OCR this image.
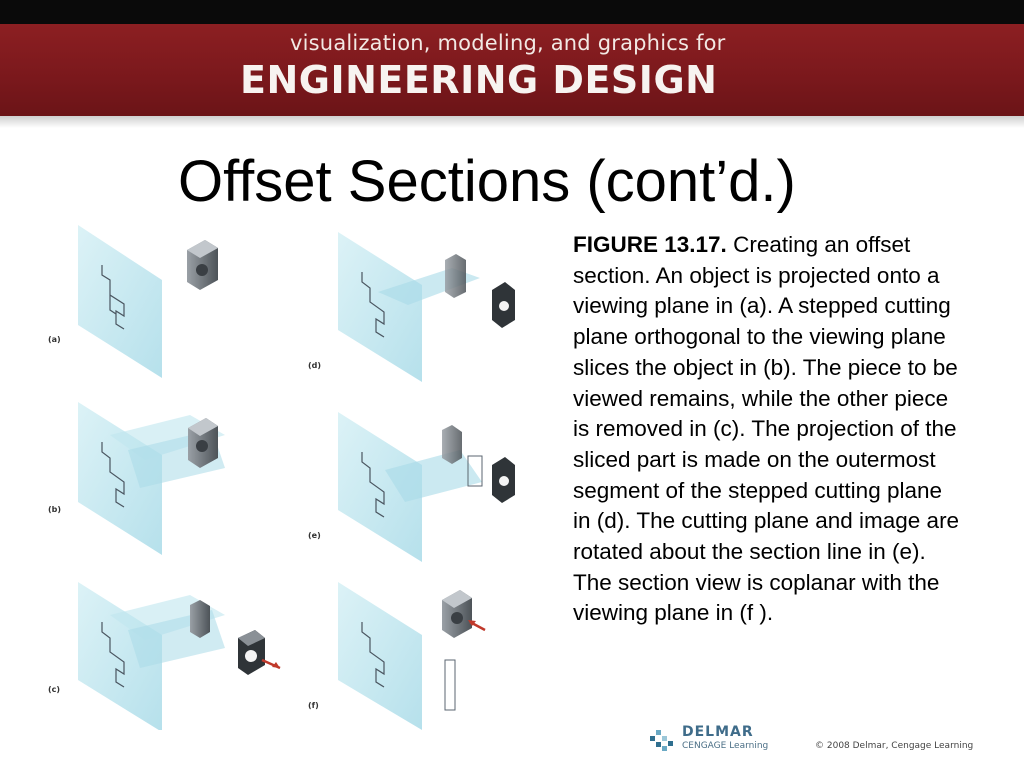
visualization, modeling, and graphics for
ENGINEERING DESIGN
Offset Sections (cont’d.)
(a)
(b)
(c)
(d)
(e)
(f)
FIGURE 13.17. Creating an offset section. An object is projected onto a viewing plane in (a). A stepped cutting plane orthogonal to the viewing plane slices the object in (b). The piece to be viewed remains, while the other piece is removed in (c). The projection of the sliced part is made on the outermost segment of the stepped cutting plane in (d). The cutting plane and image are rotated about the section line in (e). The section view is coplanar with the viewing plane in (f ).
DELMAR
CENGAGE Learning	© 2008 Delmar, Cengage Learning
